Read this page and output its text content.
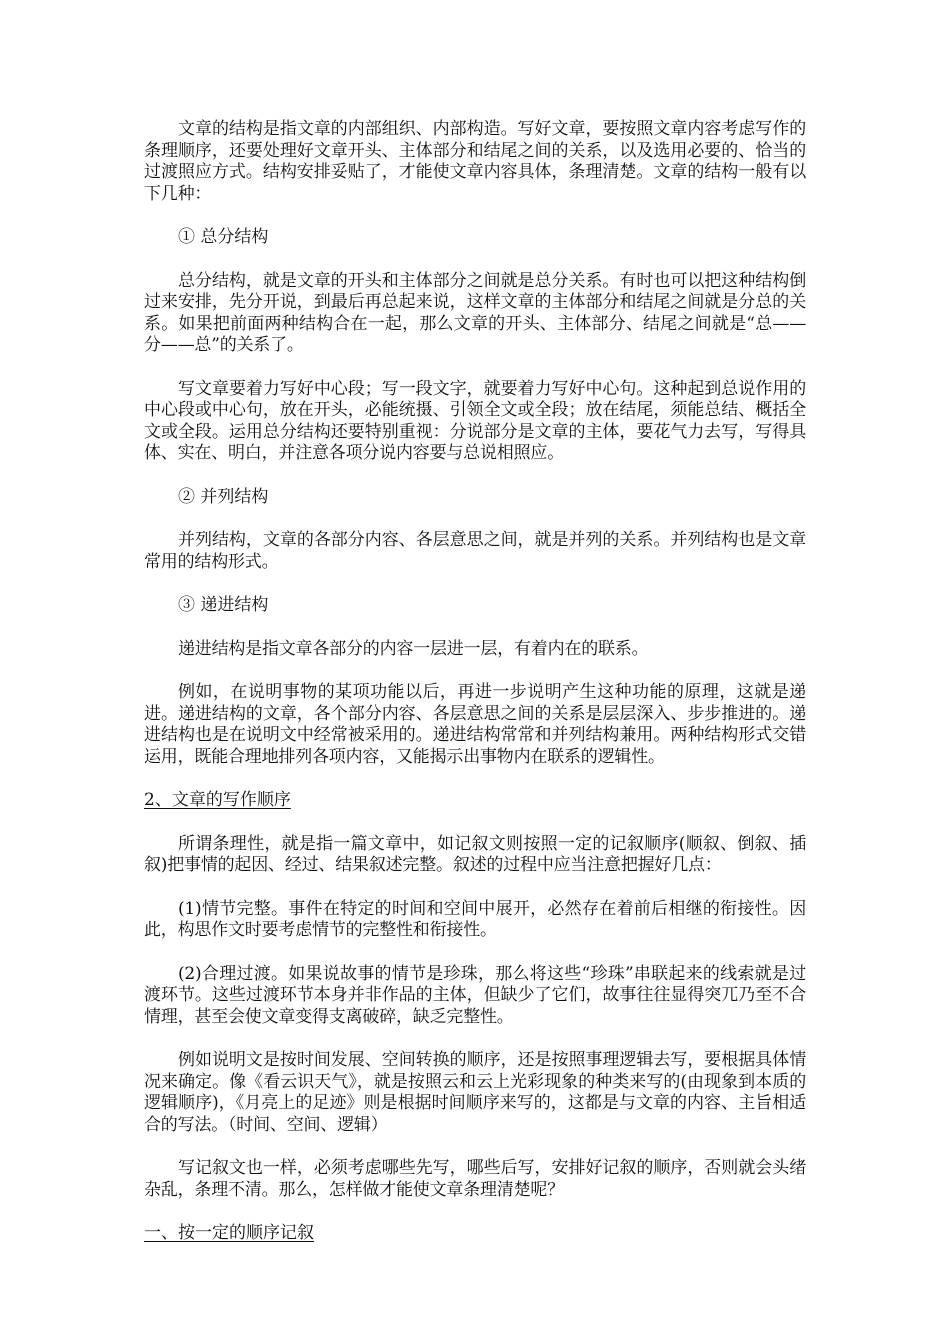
文章的结构是指文章的内部组织、内部构造。写好文章，要按照文章内容考虑写作的条理顺序，还要处理好文章开头、主体部分和结尾之间的关系，以及选用必要的、恰当的过渡照应方式。结构安排妥贴了，才能使文章内容具体，条理清楚。文章的结构一般有以下几种：

① 总分结构

总分结构，就是文章的开头和主体部分之间就是总分关系。有时也可以把这种结构倒过来安排，先分开说，到最后再总起来说，这样文章的主体部分和结尾之间就是分总的关系。如果把前面两种结构合在一起，那么文章的开头、主体部分、结尾之间就是“总——分——总”的关系了。

写文章要着力写好中心段；写一段文字，就要着力写好中心句。这种起到总说作用的中心段或中心句，放在开头，必能统摄、引领全文或全段；放在结尾，须能总结、概括全文或全段。运用总分结构还要特别重视：分说部分是文章的主体，要花气力去写，写得具体、实在、明白，并注意各项分说内容要与总说相照应。

② 并列结构

并列结构，文章的各部分内容、各层意思之间，就是并列的关系。并列结构也是文章常用的结构形式。

③ 递进结构

递进结构是指文章各部分的内容一层进一层，有着内在的联系。

例如，在说明事物的某项功能以后，再进一步说明产生这种功能的原理，这就是递进。递进结构的文章，各个部分内容、各层意思之间的关系是层层深入、步步推进的。递进结构也是在说明文中经常被采用的。递进结构常常和并列结构兼用。两种结构形式交错运用，既能合理地排列各项内容，又能揭示出事物内在联系的逻辑性。

2、文章的写作顺序

所谓条理性，就是指一篇文章中，如记叙文则按照一定的记叙顺序(顺叙、倒叙、插叙)把事情的起因、经过、结果叙述完整。叙述的过程中应当注意把握好几点：

(1)情节完整。事件在特定的时间和空间中展开，必然存在着前后相继的衔接性。因此，构思作文时要考虑情节的完整性和衔接性。

(2)合理过渡。如果说故事的情节是珍珠，那么将这些“珍珠”串联起来的线索就是过渡环节。这些过渡环节本身并非作品的主体，但缺少了它们，故事往往显得突兀乃至不合情理，甚至会使文章变得支离破碎，缺乏完整性。

例如说明文是按时间发展、空间转换的顺序，还是按照事理逻辑去写，要根据具体情况来确定。像《看云识天气》，就是按照云和云上光彩现象的种类来写的(由现象到本质的逻辑顺序)，《月亮上的足迹》则是根据时间顺序来写的，这都是与文章的内容、主旨相适合的写法。（时间、空间、逻辑）

写记叙文也一样，必须考虑哪些先写，哪些后写，安排好记叙的顺序，否则就会头绪杂乱，条理不清。那么，怎样做才能使文章条理清楚呢？

一、按一定的顺序记叙
